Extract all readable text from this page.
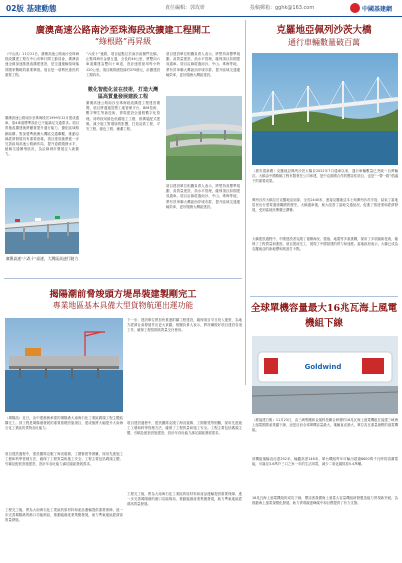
02版 基建動態	責任編輯：郭玫妍	投稿郵箱：gghk@163.com	中國基建網
廣澳高速公路南沙至珠海段改擴建工程開工
“綠根路”再昇級
（中山訊）11月21日，廣澳高速公路南沙至珠海段改擴建工程在中山市舉行開工動員會，廣澳高速全線加速推進改擴建建設，是交通運輸領域落實國家戰略的重要舉措。項目是一項利民惠民的重要工程。
廣澳高速公路南沙至珠海段於1999年12月建成通車，原4車道標準設計已不能滿足交通需求。項目實施改擴建後將顯著提升通行能力，優化區域路網結構，對加強粵港澳大灣區交通聯繫、推動沿線經濟發展具有重要意義。項目建成後將進一步完善區域高速公路網布局，提升道路服務水平，緩解交通擁堵狀況，為沿線城市發展注入新動力。
“六改十”後路，項目起點位於南沙區橫門北橋，止點珠海市金鼎互通，全長約46公里，將雙向六車道擴建為雙向十車道，設計速度採用每小時120公里。項目概算總投資約370億元，計劃建設工期四年。
數化智能化並在技術，打造大灣區高質量發展建設工程
廣澳高速公路南沙至珠海段改擴建工程建設期間，項目將通過智慧工地管理平台、BIM技術、數字孿生等新技術，實現建設全過程數字化管理。同時採用綠色低碳施工工藝，推廣裝配式建築，減少施工對環境的影響，打造品質工程、平安工程、綠色工程、廉潔工程。
項目建設單位相關負責人表示，將堅持高標準規劃、高質量建設、高水平管理，確保項目如期建成通車。項目沿線經過南沙、中山、珠海等地，將有效串聯大灣區西岸城市群，提升區域交通運輸效率，更好服務大灣區建設。
廣澳高速“六改十”高速，大灣區高速行駛力
項目建設單位相關負責人表示，將堅持高標準規劃、高質量建設、高水平管理，確保項目如期建成通車。項目沿線經過南沙、中山、珠海等地，將有效串聯大灣區西岸城市群，提升區域交通運輸效率，更好服務大灣區建設。
克羅地亞佩列沙茨大橋
通行車輛數量破百萬
（據央視新聞）克羅地亞佩列沙茨大橋自2022年7月通車以來，通行車輛數量已突破一百萬輛次。大橋由中國路橋工程有限責任公司承建，是中克兩國合作的標誌性項目，也是“一帶一路”倡議下的重要成果。
佩列沙茨大橋位於克羅地亞南部，全長2440米，連接克羅地亞本土與佩列沙茨半島，結束了當地居民出行需要過境鄰國的歷史。大橋通車後，極大改善了當地交通狀況，促進了旅遊業和經濟發展，受到當地民眾廣泛讚譽。
大橋建設過程中，中國建設者克服了複雜海況、強風、地震等多重挑戰，採用了多項創新技術，確保了工程質量和進度。項目提前完工，展現了中國基建的實力和速度。當地政府表示，大橋已成為克羅地亞的新地標和旅遊打卡點。
全球單機容量最大16兆瓦海上風電機組下線
Goldwind
（據福建日報）11月23日，由三峽集團和金風科技聯合研發的16兆瓦海上風電機組在福建三峽海上風電國際產業園下線，這是目前全球單機容量最大、葉輪直徑最大、單位兆瓦重量最輕的風電機組。
該機組葉輪直徑達252米，輪轂高度146米，單台機組每年可輸出超過6600萬千瓦時的清潔電能，可滿足3.6萬戶三口之家一年的生活用電，減少二氧化碳排放5.4萬噸。
16兆瓦海上風電機組的成功下線，標誌著我國海上風電大容量機組研發製造能力實現新突破，為推動海上風電規模化發展、助力實現碳達峰碳中和目標提供了有力支撐。
揭陽潮前脅竣頭方堤昂裝建製剛完工
專業地區基本具備大型貨物航運出運功能
（揭陽訊）近日，由中建港務承建的揭陽港大南海石化工業區碼頭工程主體結構完工。該工程是揭陽港發展的重要基礎設施項目，建成後將大幅提升大南海石化工業區的貨物吞吐能力。
項目建設過程中，建設團隊克服了海況複雜、工期緊張等困難，採用先進施工工藝和科學管理方法，確保了工程質量和施工安全。工程主要包括碼頭主體、引橋及配套設施建設，設計年吞吐能力滿足園區發展需求。
工程完工後，將為大南海石化工業區的原材料和產品運輸提供重要保障，進一步完善揭陽港的港口功能佈局，推動臨港產業集聚發展，助力粵東地區經濟高質量發展。
下一步，建設單位將加快推進附屬工程建設，確保項目早日投入運營，為地方經濟社會發展作出更大貢獻。相關負責人表示，將持續做好項目建設各項工作，確保工程按期高質量交付使用。
項目建設過程中，建設團隊克服了海況複雜、工期緊張等困難，採用先進施工工藝和科學管理方法，確保了工程質量和施工安全。工程主要包括碼頭主體、引橋及配套設施建設，設計年吞吐能力滿足園區發展需求。
工程完工後，將為大南海石化工業區的原材料和產品運輸提供重要保障，進一步完善揭陽港的港口功能佈局，推動臨港產業集聚發展，助力粵東地區經濟高質量發展。
